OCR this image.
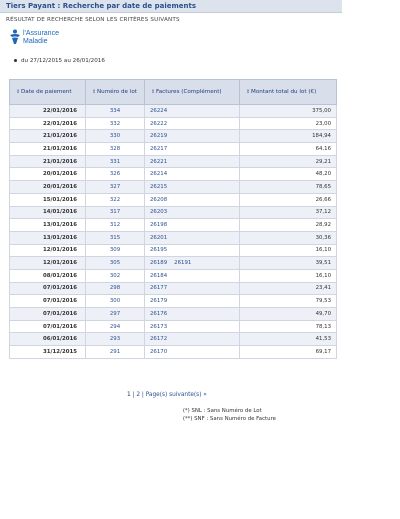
Tiers Payant : Recherche par date de paiements
RÉSULTAT DE RECHERCHE SELON LES CRITÈRES SUIVANTS
l'Assurance
Maladie
du 27/12/2015 au 26/01/2016
⇕Date de paiement	⇕Numéro de lot	⇕Factures (Complément)	⇕Montant total du lot (€)
22/01/2016	334	26224	375,00
22/01/2016	332	26222	23,00
21/01/2016	330	26219	184,94
21/01/2016	328	26217	64,16
21/01/2016	331	26221	29,21
20/01/2016	326	26214	48,20
20/01/2016	327	26215	78,65
15/01/2016	322	26208	26,66
14/01/2016	317	26203	37,12
13/01/2016	312	26198	28,92
13/01/2016	315	26201	30,36
12/01/2016	309	26195	16,10
12/01/2016	305	26189 26191	39,51
08/01/2016	302	26184	16,10
07/01/2016	298	26177	23,41
07/01/2016	300	26179	79,53
07/01/2016	297	26176	49,70
07/01/2016	294	26173	78,13
06/01/2016	293	26172	41,53
31/12/2015	291	26170	69,17
1 | 2 | Page(s) suivante(s) »
(*) SNL : Sans Numéro de Lot
(**) SNF : Sans Numéro de Facture
